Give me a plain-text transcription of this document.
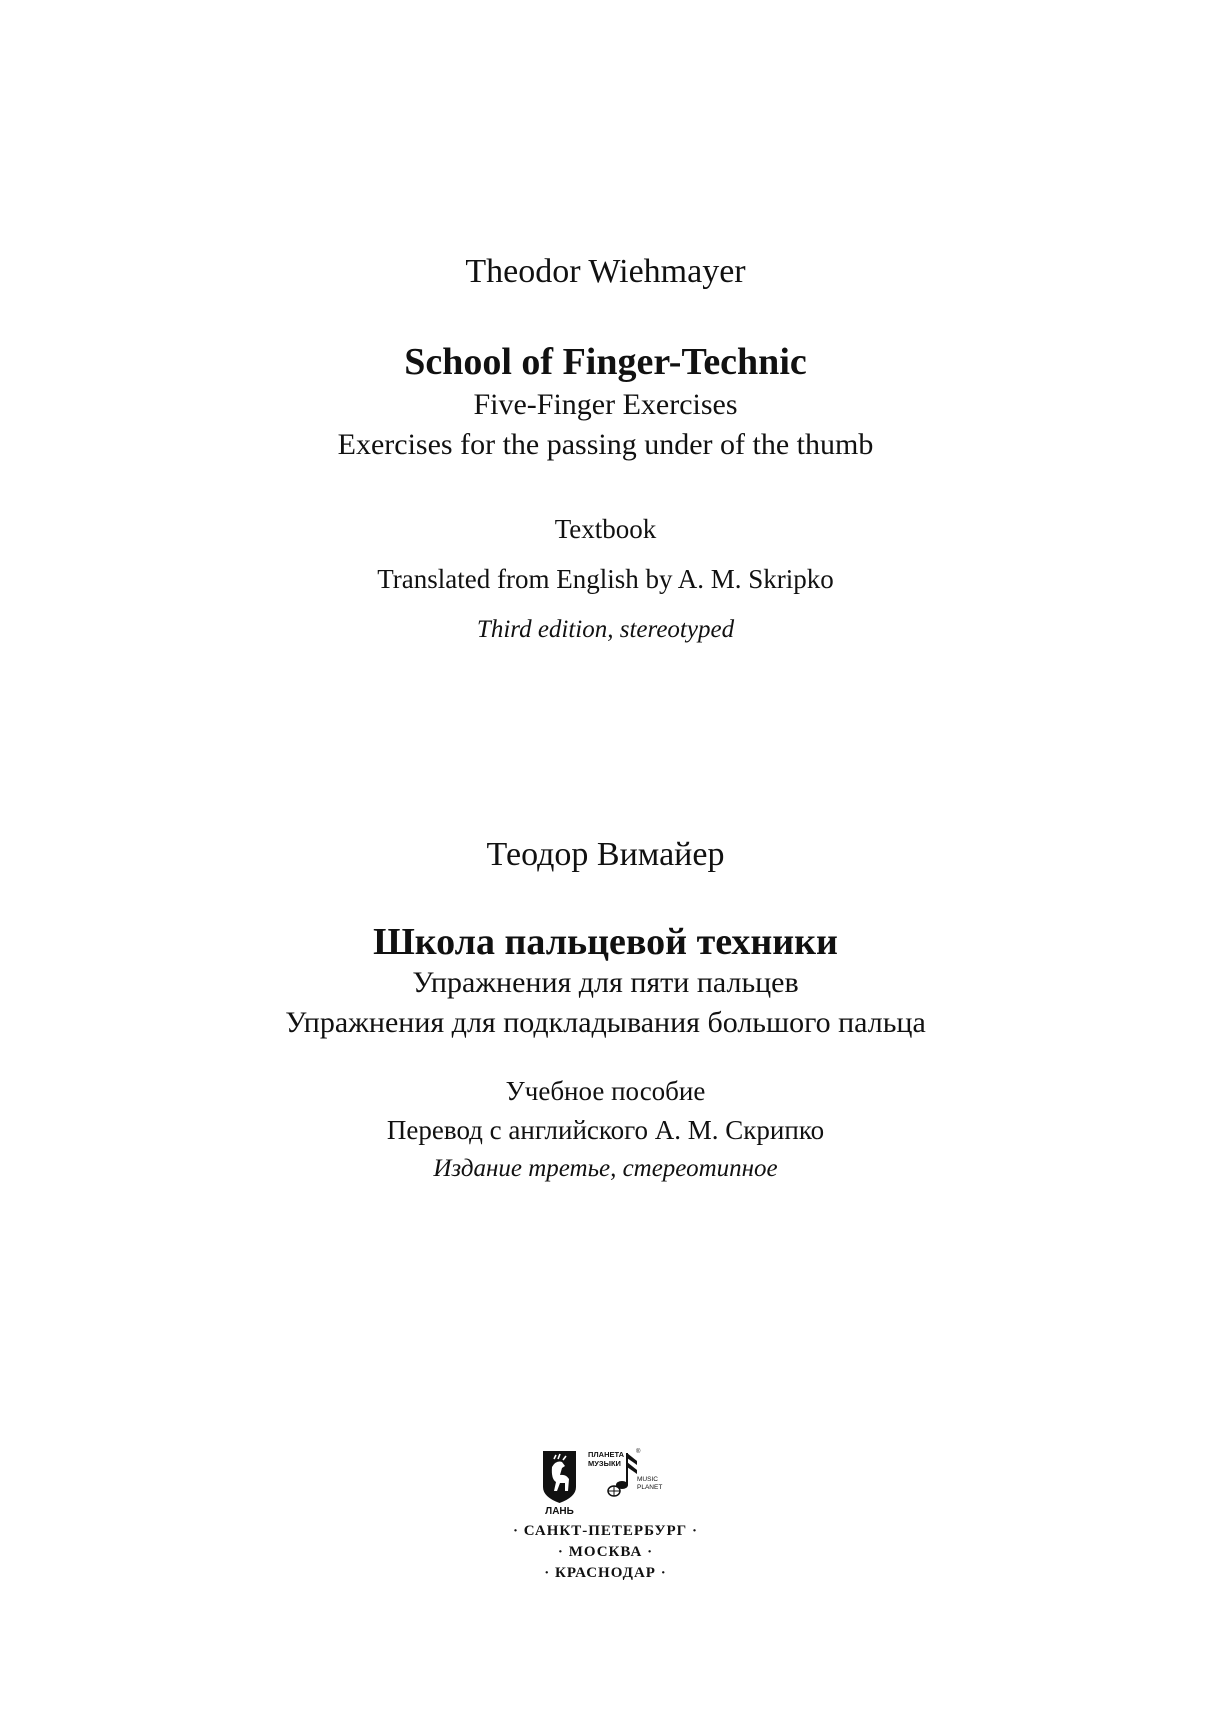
Theodor Wiehmayer
School of Finger-Technic
Five-Finger Exercises
Exercises for the passing under of the thumb
Textbook
Translated from English by A. M. Skripko
Third edition, stereotyped
Теодор Вимайер
Школа пальцевой техники
Упражнения для пяти пальцев
Упражнения для подкладывания большого пальца
Учебное пособие
Перевод с английского А. М. Скрипко
Издание третье, стереотипное
ЛАНЬ
ПЛАНЕТА
МУЗЫКИ
®
MUSIC
PLANET
· САНКТ-ПЕТЕРБУРГ ·
· МОСКВА ·
· КРАСНОДАР ·
